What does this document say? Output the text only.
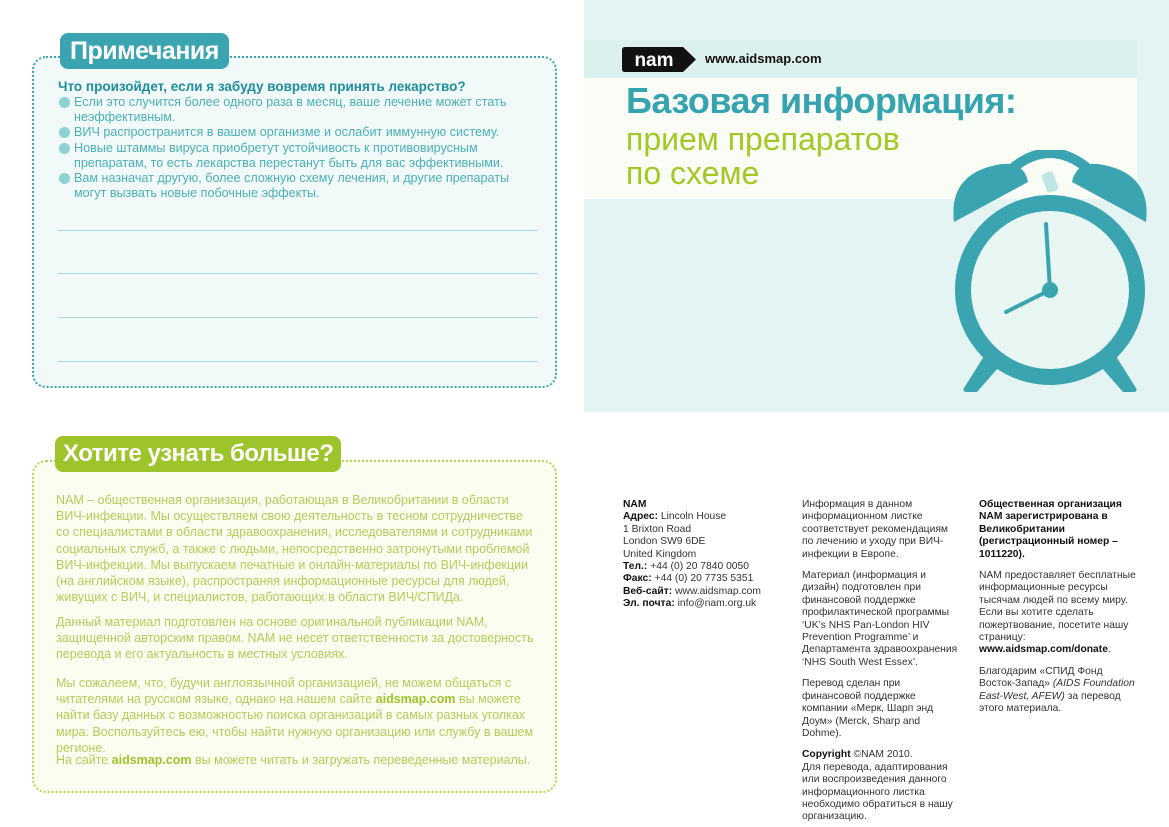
Примечания
Что произойдет, если я забуду вовремя принять лекарство?
Если это случится более одного раза в месяц, ваше лечение может стать неэффективным.
ВИЧ распространится в вашем организме и ослабит иммунную систему.
Новые штаммы вируса приобретут устойчивость к противовирусным препаратам, то есть лекарства перестанут быть для вас эффективными.
Вам назначат другую, более сложную схему лечения, и другие препараты могут вызвать новые побочные эффекты.
Хотите узнать больше?

NAM – общественная организация, работающая в Великобритании в области ВИЧ-инфекции. Мы осуществляем свою деятельность в тесном сотрудничестве со специалистами в области здравоохранения, исследователями и сотрудниками социальных служб, а также с людьми, непосредственно затронутыми проблемой ВИЧ-инфекции. Мы выпускаем печатные и онлайн-материалы по ВИЧ-инфекции (на английском языке), распространяя информационные ресурсы для людей, живущих с ВИЧ, и специалистов, работающих в области ВИЧ/СПИДа.

Данный материал подготовлен на основе оригинальной публикации NAM, защищенной авторским правом. NAM не несет ответственности за достоверность перевода и его актуальность в местных условиях.

Мы сожалеем, что, будучи англоязычной организацией, не можем общаться с читателями на русском языке, однако на нашем сайте aidsmap.com вы можете найти базу данных с возможностью поиска организаций в самых разных уголках мира. Воспользуйтесь ею, чтобы найти нужную организацию или службу в вашем регионе.

На сайте aidsmap.com вы можете читать и загружать переведенные материалы.

nam www.aidsmap.com
Базовая информация:
прием препаратов
по схеме

NAM

Адрес: Lincoln House

1 Brixton Road

London SW9 6DE

United Kingdom

Тел.: +44 (0) 20 7840 0050

Факс: +44 (0) 20 7735 5351

Веб-сайт: www.aidsmap.com

Эл. почта: info@nam.org.uk

Информация в данном информационном листке соответствует рекомендациям по лечению и уходу при ВИЧ-инфекции в Европе.

Материал (информация и дизайн) подготовлен при финансовой поддержке профилактической программы ‘UK’s NHS Pan-London HIV Prevention Programme’ и Департамента здравоохранения ‘NHS South West Essex’.

Перевод сделан при финансовой поддержке компании «Мерк, Шарп энд Доум» (Merck, Sharp and Dohme).

Copyright ©NAM 2010.

Для перевода, адаптирования или воспроизведения данного информационного листка необходимо обратиться в нашу организацию.

Общественная организация NAM зарегистрирована в Великобритании (регистрационный номер – 1011220).

NAM предоставляет бесплатные информационные ресурсы тысячам людей по всему миру. Если вы хотите сделать пожертвование, посетите нашу страницу: www.aidsmap.com/donate.

Благодарим «СПИД Фонд Восток-Запад» (AIDS Foundation East-West, AFEW) за перевод этого материала.
